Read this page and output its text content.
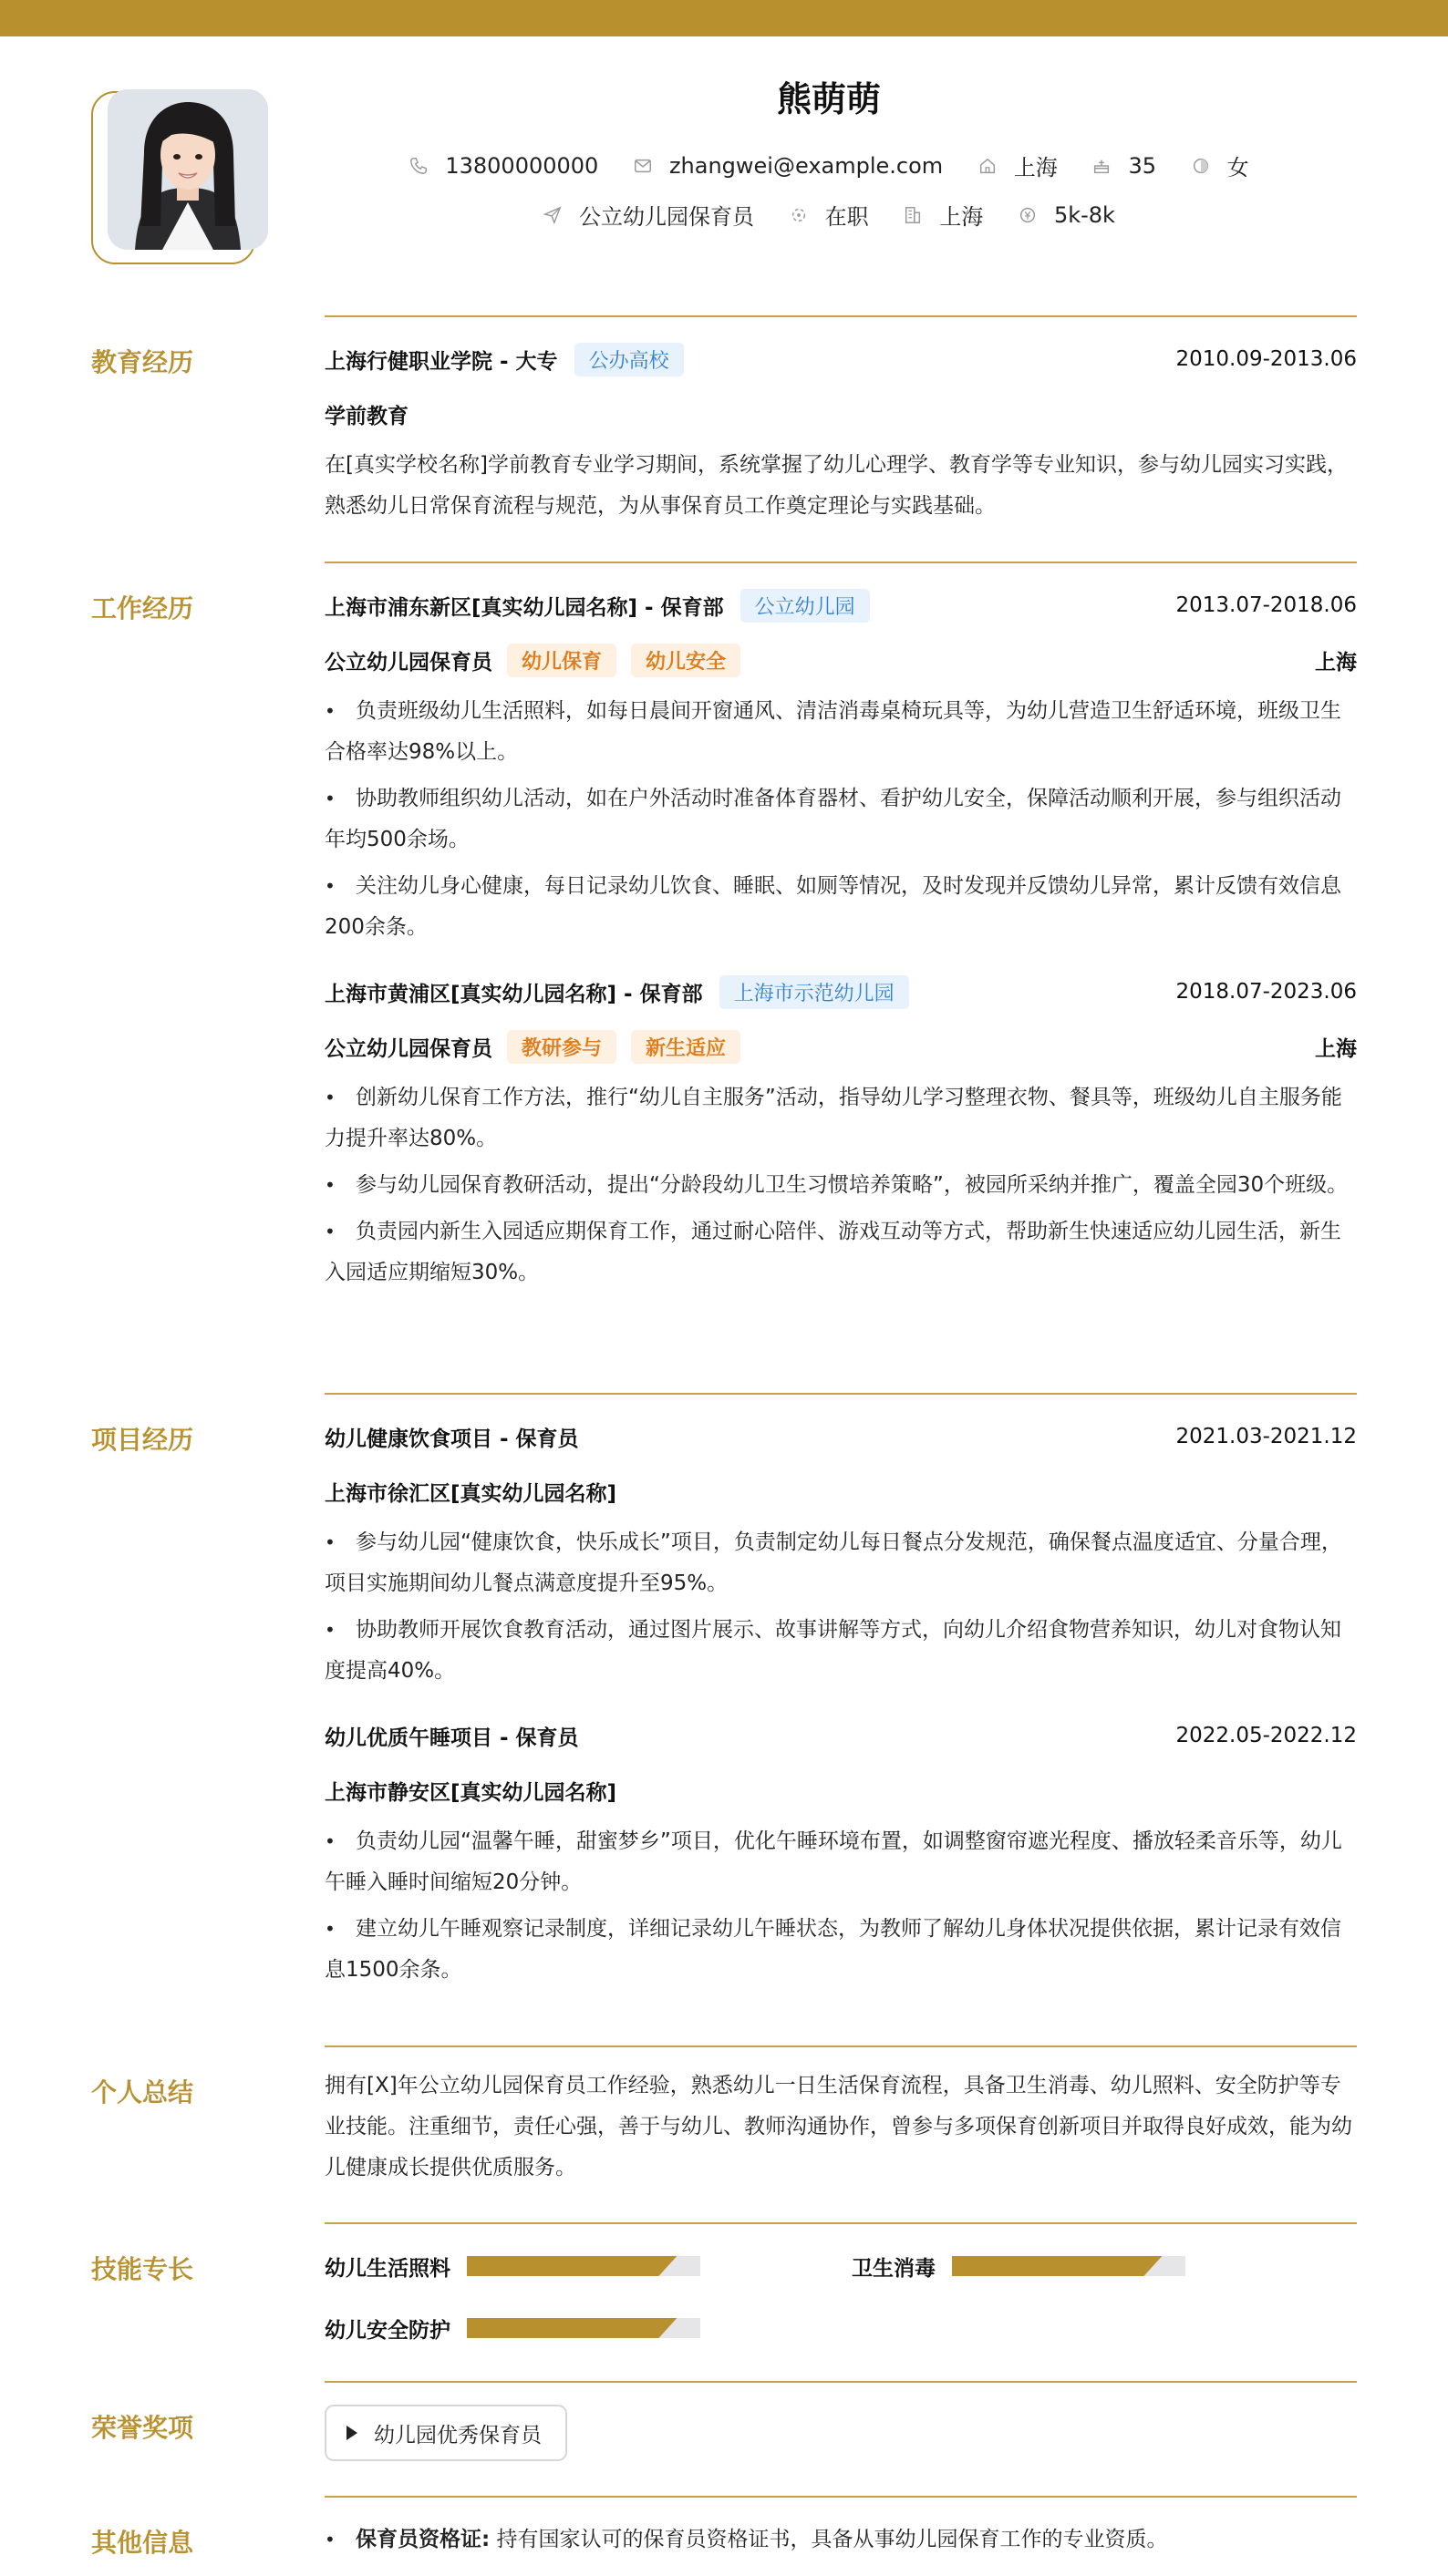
熊萌萌
13800000000
	zhangwei@example.com
	上海
	35
	女
公立幼儿园保育员
	在职
	上海
	5k-8k
教育经历	上海行健职业学院 - 大专	公办高校	2010.09-2013.06
学前教育
在[真实学校名称]学前教育专业学习期间，系统掌握了幼儿心理学、教育学等专业知识，参与幼儿园实习实践，熟悉幼儿日常保育流程与规范，为从事保育员工作奠定理论与实践基础。
工作经历	上海市浦东新区[真实幼儿园名称] - 保育部	公立幼儿园	2013.07-2018.06
公立幼儿园保育员	幼儿保育	幼儿安全	上海
• 负责班级幼儿生活照料，如每日晨间开窗通风、清洁消毒桌椅玩具等，为幼儿营造卫生舒适环境，班级卫生合格率达98%以上。
• 协助教师组织幼儿活动，如在户外活动时准备体育器材、看护幼儿安全，保障活动顺利开展，参与组织活动年均500余场。
• 关注幼儿身心健康，每日记录幼儿饮食、睡眠、如厕等情况，及时发现并反馈幼儿异常，累计反馈有效信息200余条。
上海市黄浦区[真实幼儿园名称] - 保育部	上海市示范幼儿园	2018.07-2023.06
公立幼儿园保育员	教研参与	新生适应	上海
• 创新幼儿保育工作方法，推行“幼儿自主服务”活动，指导幼儿学习整理衣物、餐具等，班级幼儿自主服务能力提升率达80%。
• 参与幼儿园保育教研活动，提出“分龄段幼儿卫生习惯培养策略”，被园所采纳并推广，覆盖全园30个班级。
• 负责园内新生入园适应期保育工作，通过耐心陪伴、游戏互动等方式，帮助新生快速适应幼儿园生活，新生入园适应期缩短30%。
项目经历	幼儿健康饮食项目 - 保育员	2021.03-2021.12
上海市徐汇区[真实幼儿园名称]
• 参与幼儿园“健康饮食，快乐成长”项目，负责制定幼儿每日餐点分发规范，确保餐点温度适宜、分量合理，项目实施期间幼儿餐点满意度提升至95%。
• 协助教师开展饮食教育活动，通过图片展示、故事讲解等方式，向幼儿介绍食物营养知识，幼儿对食物认知度提高40%。
幼儿优质午睡项目 - 保育员	2022.05-2022.12
上海市静安区[真实幼儿园名称]
• 负责幼儿园“温馨午睡，甜蜜梦乡”项目，优化午睡环境布置，如调整窗帘遮光程度、播放轻柔音乐等，幼儿午睡入睡时间缩短20分钟。
• 建立幼儿午睡观察记录制度，详细记录幼儿午睡状态，为教师了解幼儿身体状况提供依据，累计记录有效信息1500余条。
个人总结	拥有[X]年公立幼儿园保育员工作经验，熟悉幼儿一日生活保育流程，具备卫生消毒、幼儿照料、安全防护等专业技能。注重细节，责任心强，善于与幼儿、教师沟通协作，曾参与多项保育创新项目并取得良好成效，能为幼儿健康成长提供优质服务。
技能专长	幼儿生活照料	卫生消毒
幼儿安全防护
荣誉奖项	幼儿园优秀保育员
其他信息	• 保育员资格证: 持有国家认可的保育员资格证书，具备从事幼儿园保育工作的专业资质。
